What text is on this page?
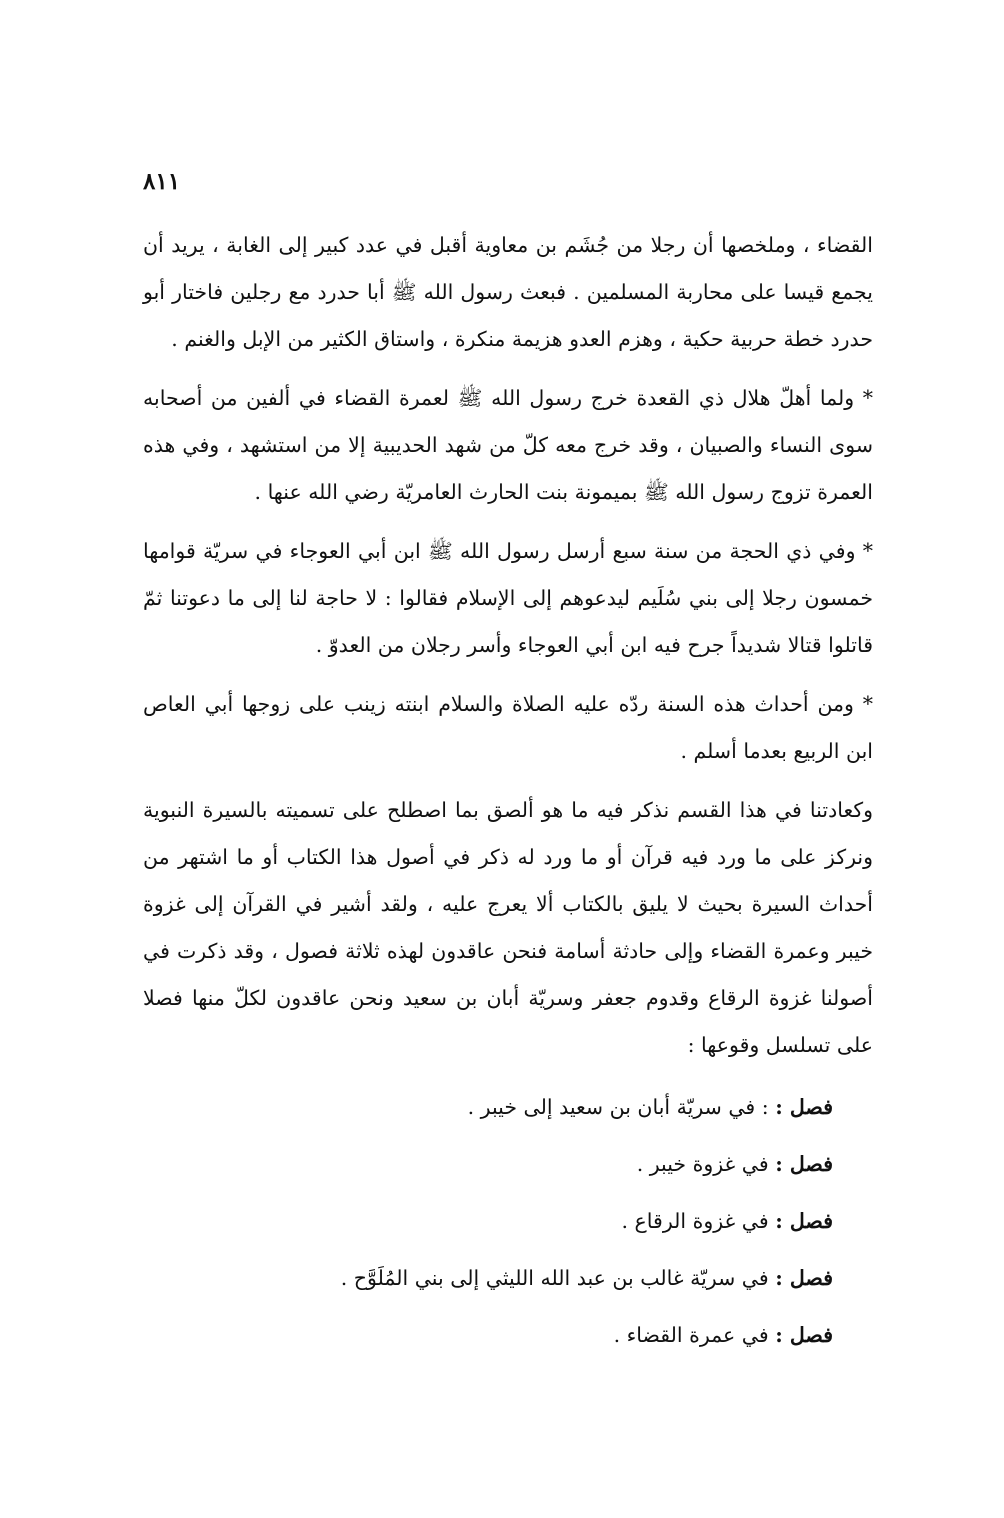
٨١١

القضاء ، وملخصها أن رجلا من جُشَم بن معاوية أقبل في عدد كبير إلى الغابة ، يريد أن يجمع قيسا على محاربة المسلمين . فبعث رسول الله ﷺ أبا حدرد مع رجلين فاختار أبو حدرد خطة حربية حكية ، وهزم العدو هزيمة منكرة ، واستاق الكثير من الإبل والغنم .

* ولما أهلّ هلال ذي القعدة خرج رسول الله ﷺ لعمرة القضاء في ألفين من أصحابه سوى النساء والصبيان ، وقد خرج معه كلّ من شهد الحديبية إلا من استشهد ، وفي هذه العمرة تزوج رسول الله ﷺ بميمونة بنت الحارث العامريّة رضي الله عنها .

* وفي ذي الحجة من سنة سبع أرسل رسول الله ﷺ ابن أبي العوجاء في سريّة قوامها خمسون رجلا إلى بني سُلَيم ليدعوهم إلى الإسلام فقالوا : لا حاجة لنا إلى ما دعوتنا ثمّ قاتلوا قتالا شديداً جرح فيه ابن أبي العوجاء وأسر رجلان من العدوّ .

* ومن أحداث هذه السنة ردّه عليه الصلاة والسلام ابنته زينب على زوجها أبي العاص ابن الربيع بعدما أسلم .

وكعادتنا في هذا القسم نذكر فيه ما هو ألصق بما اصطلح على تسميته بالسيرة النبوية ونركز على ما ورد فيه قرآن أو ما ورد له ذكر في أصول هذا الكتاب أو ما اشتهر من أحداث السيرة بحيث لا يليق بالكتاب ألا يعرج عليه ، ولقد أشير في القرآن إلى غزوة خيبر وعمرة القضاء وإلى حادثة أسامة فنحن عاقدون لهذه ثلاثة فصول ، وقد ذكرت في أصولنا غزوة الرقاع وقدوم جعفر وسريّة أبان بن سعيد ونحن عاقدون لكلّ منها فصلا على تسلسل وقوعها :

فصل : : في سريّة أبان بن سعيد إلى خيبر .

فصل : في غزوة خيبر .

فصل : في غزوة الرقاع .

فصل : في سريّة غالب بن عبد الله الليثي إلى بني المُلَوَّح .

فصل : في عمرة القضاء .
